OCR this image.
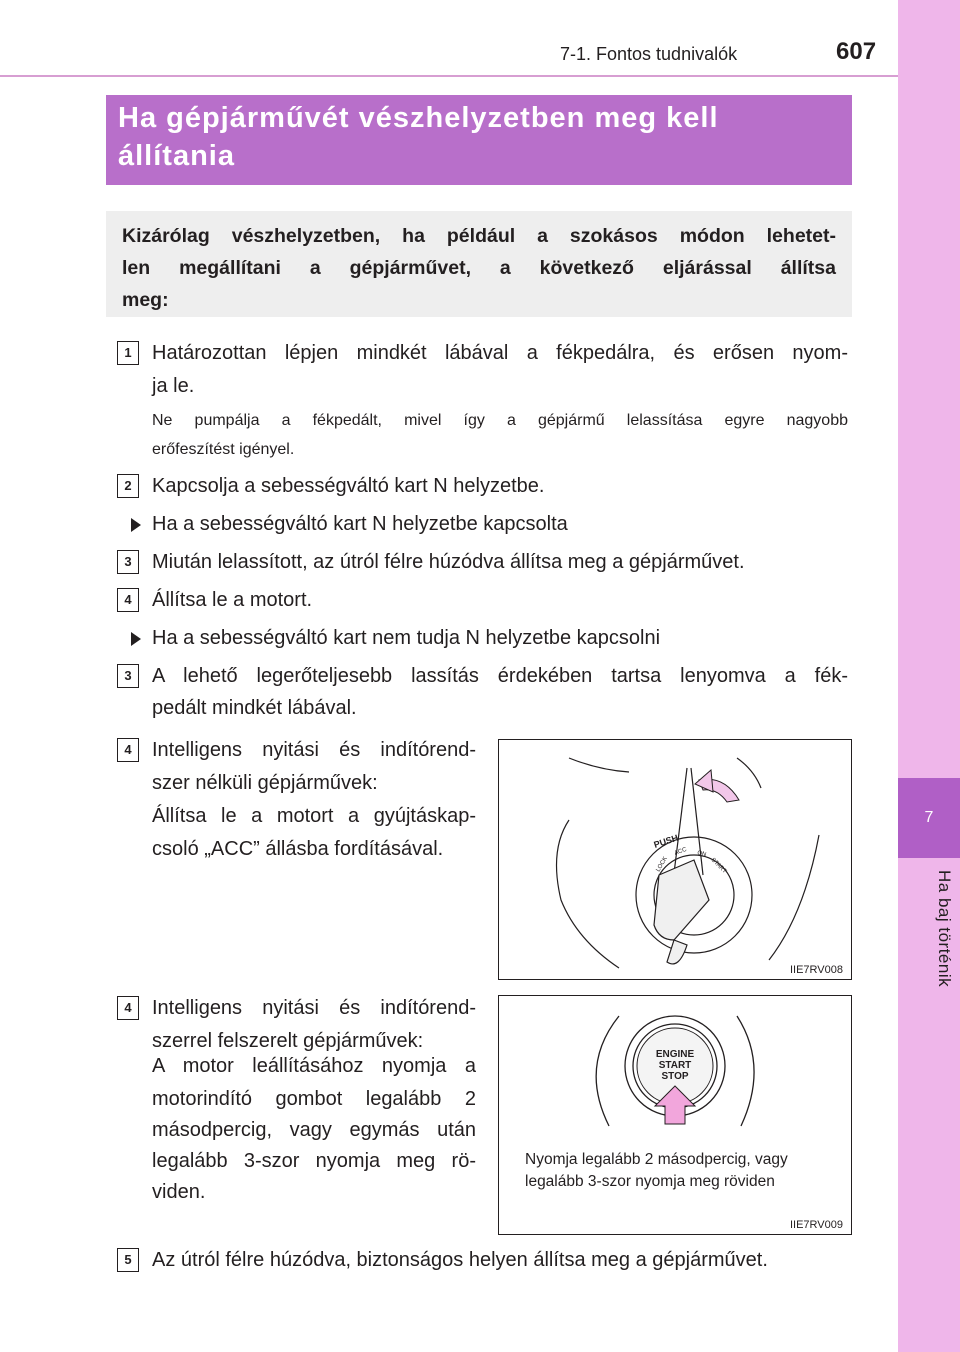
7
Ha baj történik
7-1. Fontos tudnivalók	607
Ha gépjárművét vészhelyzetben meg kell
állítania
Kizárólag vészhelyzetben, ha például a szokásos módon lehetet-
len megállítani a gépjárművet, a következő eljárással állítsa
meg:
1	Határozottan lépjen mindkét lábával a fékpedálra, és erősen nyom-
ja le.
Ne pumpálja a fékpedált, mivel így a gépjármű lelassítása egyre nagyobb
erőfeszítést igényel.
2	Kapcsolja a sebességváltó kart N helyzetbe.
Ha a sebességváltó kart N helyzetbe kapcsolta
3	Miután lelassított, az útról félre húzódva állítsa meg a gépjárművet.
4	Állítsa le a motort.
Ha a sebességváltó kart nem tudja N helyzetbe kapcsolni
3	A lehető legerőteljesebb lassítás érdekében tartsa lenyomva a fék-
pedált mindkét lábával.
4	Intelligens nyitási és indítórend-
szer nélküli gépjárművek:
Állítsa le a motort a gyújtáskap-
csoló „ACC” állásba fordításával.	PUSH
LOCK
ACC ON
START
IIE7RV008
4	Intelligens nyitási és indítórend-
szerrel felszerelt gépjárművek:
A motor leállításához nyomja a
motorindító gombot legalább 2
másodpercig, vagy egymás után
legalább 3-szor nyomja meg rö-
viden.
ENGINE
START
STOP
Nyomja legalább 2 másodpercig, vagy
legalább 3-szor nyomja meg röviden
IIE7RV009
5	Az útról félre húzódva, biztonságos helyen állítsa meg a gépjárművet.
